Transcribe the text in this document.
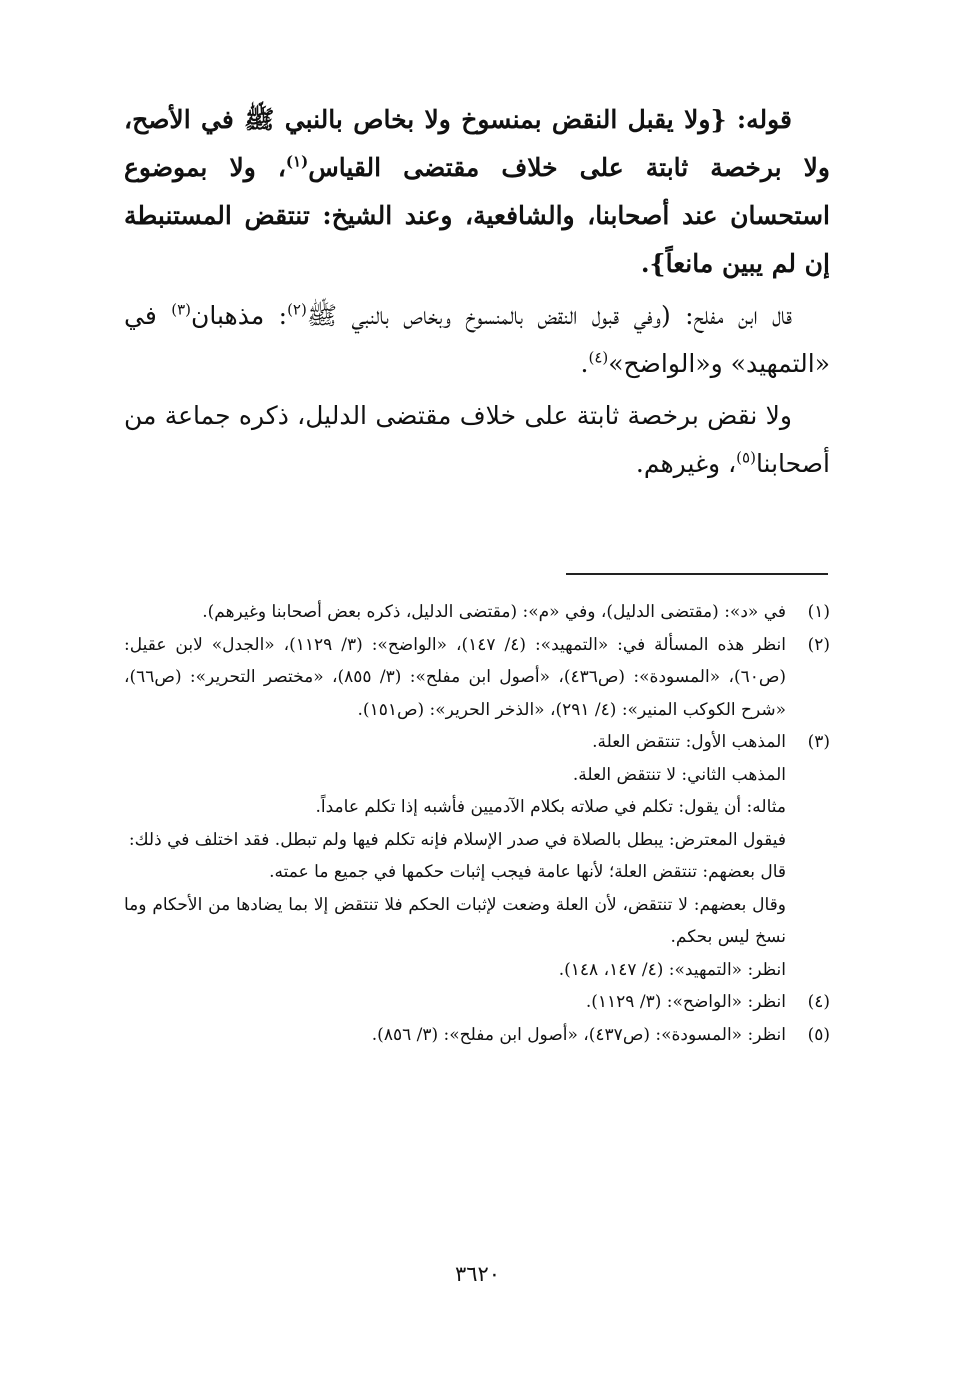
قوله: {ولا يقبل النقض بمنسوخ ولا بخاص بالنبي ﷺ في الأصح، ولا برخصة ثابتة على خلاف مقتضى القياس$^{(١)}$، ولا بموضوع استحسان عند أصحابنا، والشافعية، وعند الشيخ: تنتقض المستنبطة إن لم يبين مانعاً}.

قال ابن مفلح: (وفي قبول النقض بالمنسوخ وبخاص بالنبي ﷺ$^{(٢)}$: مذهبان$^{(٣)}$ في «التمهيد» و«الواضح»$^{(٤)}$.

ولا نقض برخصة ثابتة على خلاف مقتضى الدليل، ذكره جماعة من أصحابنا$^{(٥)}$، وغيرهم.

(١)
في «د»: (مقتضى الدليل)، وفي «م»: (مقتضى الدليل، ذكره بعض أصحابنا وغيرهم).
(٢)
انظر هذه المسألة في: «التمهيد»: (٤/ ١٤٧)، «الواضح»: (٣/ ١١٢٩)، «الجدل» لابن عقيل: (ص٦٠)، «المسودة»: (ص٤٣٦)، «أصول ابن مفلح»: (٣/ ٨٥٥)، «مختصر التحرير»: (ص٦٦)، «شرح الكوكب المنير»: (٤/ ٢٩١)، «الذخر الحرير»: (ص١٥١).
(٣)
المذهب الأول: تنتقض العلة.
المذهب الثاني: لا تنتقض العلة.
مثاله: أن يقول: تكلم في صلاته بكلام الآدميين فأشبه إذا تكلم عامداً.
فيقول المعترض: يبطل بالصلاة في صدر الإسلام فإنه تكلم فيها ولم تبطل. فقد اختلف في ذلك:
قال بعضهم: تنتقض العلة؛ لأنها عامة فيجب إثبات حكمها في جميع ما عمته.
وقال بعضهم: لا تنتقض، لأن العلة وضعت لإثبات الحكم فلا تنتقض إلا بما يضادها من الأحكام وما نسخ ليس بحكم.
انظر: «التمهيد»: (٤/ ١٤٧، ١٤٨).
(٤)
انظر: «الواضح»: (٣/ ١١٢٩).
(٥)
انظر: «المسودة»: (ص٤٣٧)، «أصول ابن مفلح»: (٣/ ٨٥٦).
٣٦٢٠
